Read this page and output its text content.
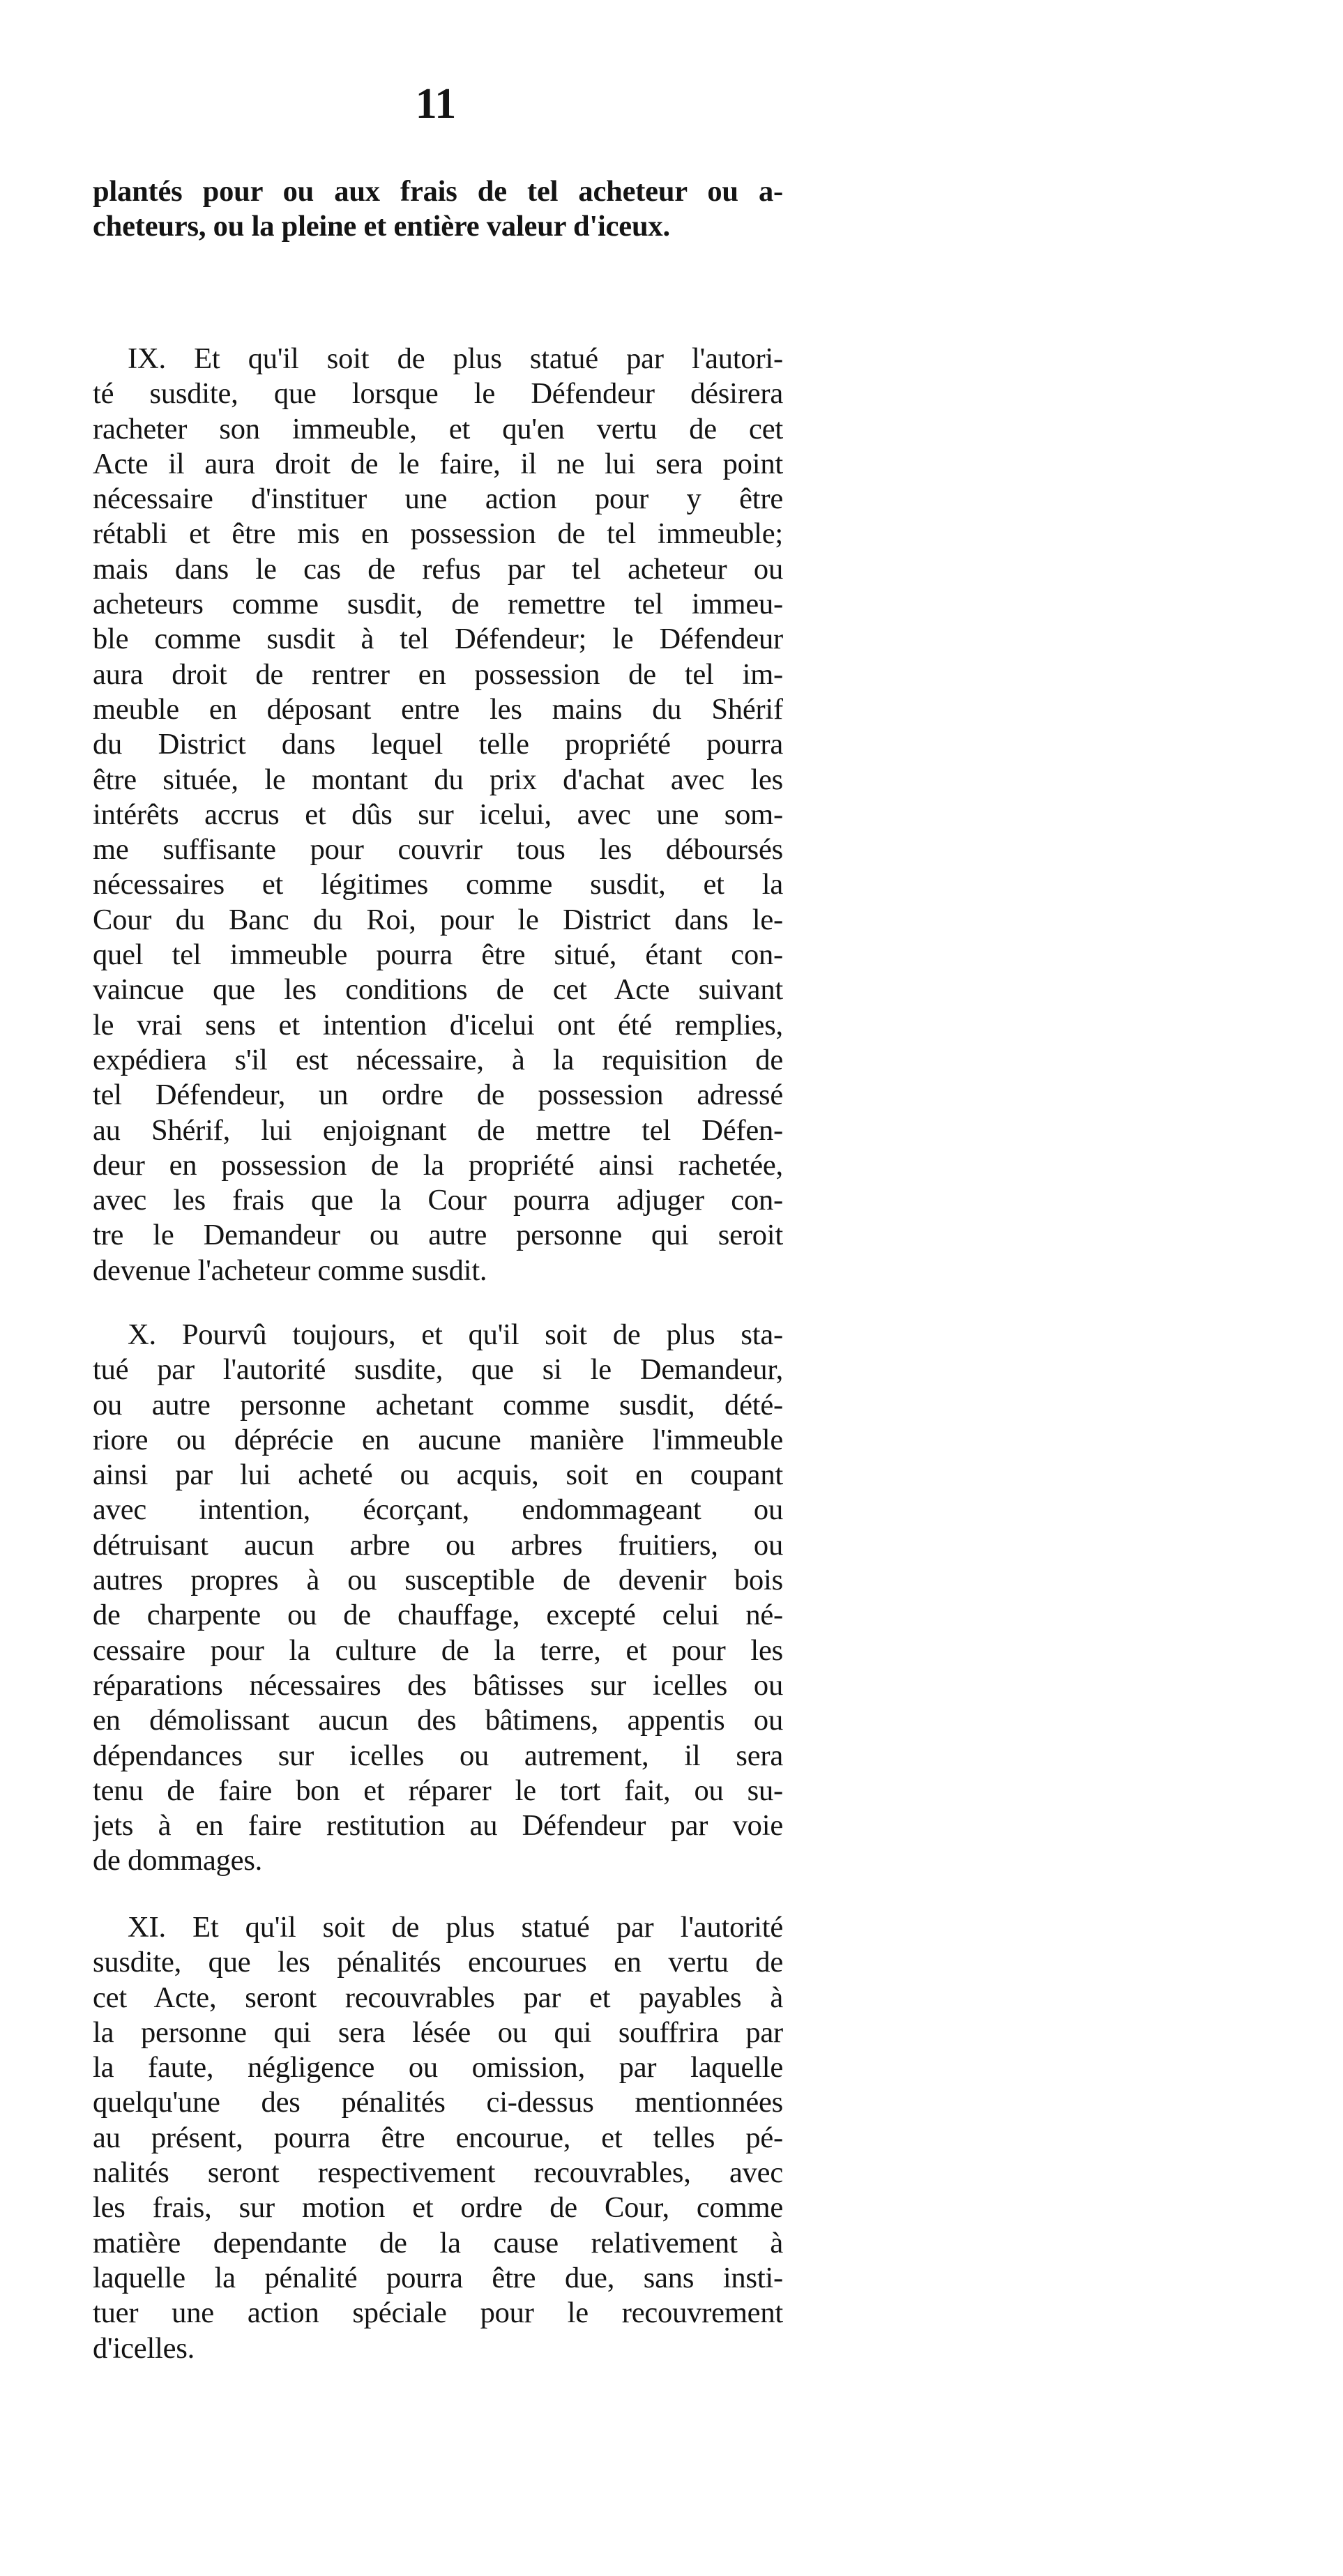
11
plantés pour ou aux frais de tel acheteur ou a-
cheteurs, ou la pleine et entière valeur d'iceux.
IX. Et qu'il soit de plus statué par l'autori-
té susdite, que lorsque le Défendeur désirera
racheter son immeuble, et qu'en vertu de cet
Acte il aura droit de le faire, il ne lui sera point
nécessaire d'instituer une action pour y être
rétabli et être mis en possession de tel immeuble;
mais dans le cas de refus par tel acheteur ou
acheteurs comme susdit, de remettre tel immeu-
ble comme susdit à tel Défendeur; le Défendeur
aura droit de rentrer en possession de tel im-
meuble en déposant entre les mains du Shérif
du District dans lequel telle propriété pourra
être située, le montant du prix d'achat avec les
intérêts accrus et dûs sur icelui, avec une som-
me suffisante pour couvrir tous les déboursés
nécessaires et légitimes comme susdit, et la
Cour du Banc du Roi, pour le District dans le-
quel tel immeuble pourra être situé, étant con-
vaincue que les conditions de cet Acte suivant
le vrai sens et intention d'icelui ont été remplies,
expédiera s'il est nécessaire, à la requisition de
tel Défendeur, un ordre de possession adressé
au Shérif, lui enjoignant de mettre tel Défen-
deur en possession de la propriété ainsi rachetée,
avec les frais que la Cour pourra adjuger con-
tre le Demandeur ou autre personne qui seroit
devenue l'acheteur comme susdit.
X. Pourvû toujours, et qu'il soit de plus sta-
tué par l'autorité susdite, que si le Demandeur,
ou autre personne achetant comme susdit, dété-
riore ou déprécie en aucune manière l'immeuble
ainsi par lui acheté ou acquis, soit en coupant
avec intention, écorçant, endommageant ou
détruisant aucun arbre ou arbres fruitiers, ou
autres propres à ou susceptible de devenir bois
de charpente ou de chauffage, excepté celui né-
cessaire pour la culture de la terre, et pour les
réparations nécessaires des bâtisses sur icelles ou
en démolissant aucun des bâtimens, appentis ou
dépendances sur icelles ou autrement, il sera
tenu de faire bon et réparer le tort fait, ou su-
jets à en faire restitution au Défendeur par voie
de dommages.
XI. Et qu'il soit de plus statué par l'autorité
susdite, que les pénalités encourues en vertu de
cet Acte, seront recouvrables par et payables à
la personne qui sera lésée ou qui souffrira par
la faute, négligence ou omission, par laquelle
quelqu'une des pénalités ci-dessus mentionnées
au présent, pourra être encourue, et telles pé-
nalités seront respectivement recouvrables, avec
les frais, sur motion et ordre de Cour, comme
matière dependante de la cause relativement à
laquelle la pénalité pourra être due, sans insti-
tuer une action spéciale pour le recouvrement
d'icelles.
